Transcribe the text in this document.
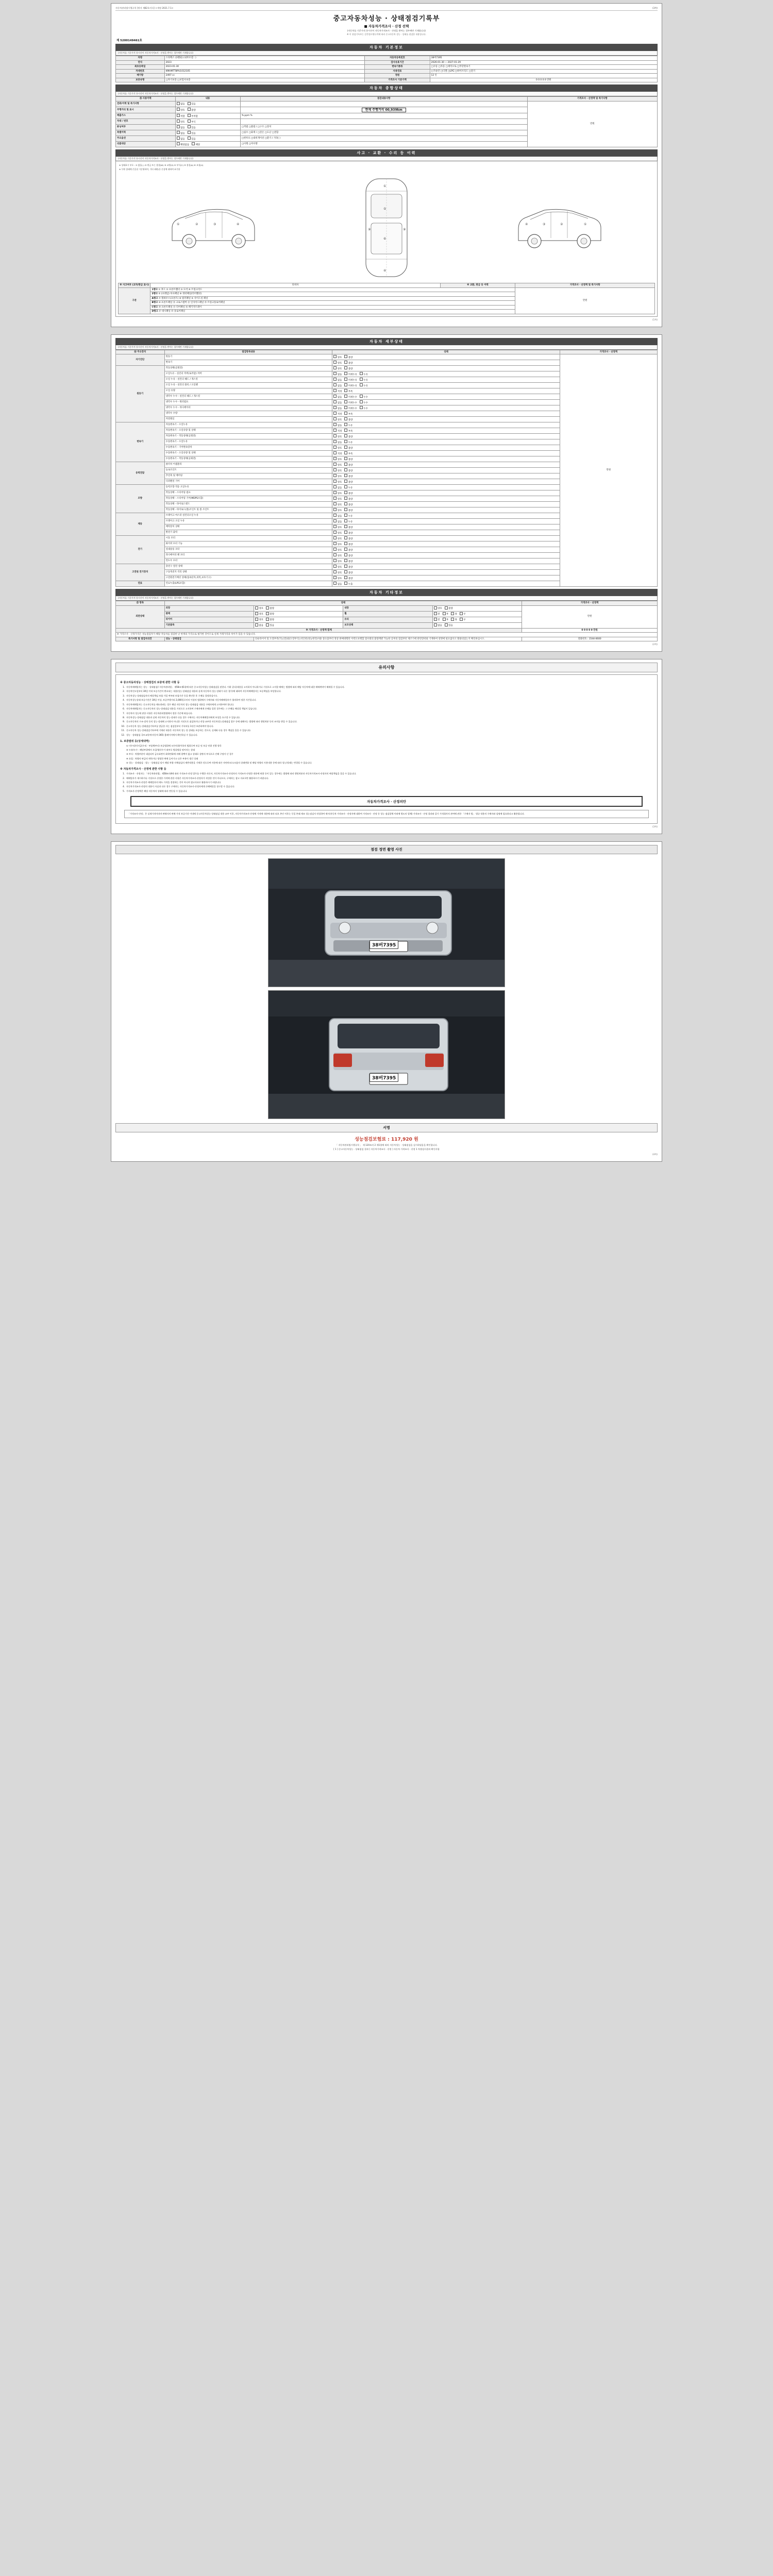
자동차관리법시행규칙 [별지 제82호서식] <개정 2021.7.1>	(3쪽)
중고자동차성능 · 상태점검기록부
■ 자동차가격조사 · 산정 선택
(자동차를 기준가격 통시산이 자동차가격조사 · 산정을 받아는 경우에만 기재합니다)
※ 이 점검기록부는 같은법시행규칙에 따라 중고자동차 성능 · 상태를 점검한 내용입니다.
제 5200149461호
자동차 기본정보
(자동차를 기준가격 통시산이 자동차가격조사 · 산정을 받아는 경우에만 기재합니다)
차명	스타렉스 (3밴외) (내부모델 : )	자동차등록번호	38버7395
연식	2023	검사유효기간	2026-01-30 ~ 2027-01-29
최초등록일	2023-01-30	변속기종류	□수동 □자동 □세미오토 □무단변속기
차대번호	KMHMTT8PU1012105	사용연료	□가솔린 □디젤 □LPG □하이브리드 □전기
배기량	2497 cc	정원	12 인
보증유형	□자기보증 □보험사보증	가격조사 기준가액	0 0 0 0 0 만원
자동차 종합상태
(자동차를 기준가격 통시산이 자동차가격조사 · 산정을 받아는 경우에만 기재합니다)
⑮ 사용이력	내용	점검내용사항	가격조사 · 산정액 및 특기사항
전좌/이력 및 특기사항	없음 있음		만원
주행거리 및 표시	양호 불량	현재 주행거리 00,939km	
배출가스	적합 부적합	% ppm %	
차대 / 번호	양호 부식		
튜닝여부	없음 있음	□적법 □불법 / □구조 □장치	
특별이력	없음 있음	□침수 □화재 / □전손 □도난 □결함	
주요옵션	없음 있음	□썬루프 □내비게이션 □환기 / 기타( )	
리콜대상	해당없음 해당	□이행 □미이행	
사고 · 교환 · 수리 등 이력
(자동차를 기준가격 통시산이 자동차가격조사 · 산정을 받아는 경우에만 기재합니다)
※ 상태표시 부호 : ① 없음(-) ② 판금 또는 용접(W) ③ 교환(X) ④ 부식(C) ⑤ 흠집(A) ⑥ 요철(U)
※ 무판 상태에 손을짓 기준위하며, 기타 외판/등 손상에 대하여 표기함
①	②	③	④
①
⑤
⑥
④
⑨	⑨
④	③	②	①
※ 사고여부 (교차/판금 표시)	단위차	※ 교환, 판금 등 이력	가격조사 · 산정액 및 특기사항
구분	1랭크 ① 후드 ② 프론트휀더 ③ 도어 ④ 트렁크리드		만원
	2랭크 ⑤ (프레임) 루프패널 ⑥ 쿼터패널(리어휀더)		
	A랭크 ⑦ 휠하우스(프론트) ⑧ 필러패널 ⑨ 사이드실 패널		
	B랭크 ⑩ 프론트패널 ⑪ 크로스멤버 ⑫ 인사이드패널 ⑬ 트렁크플로어패널		
	C랭크 ⑭ 프론트패널 ⑮ 리어패널 ⑯ 패키지트레이		
	D랭크 ⑰ 대시패널 ⑱ 플로어패널		
(1쪽)
자동차 세부상태
(자동차를 기준가격 통시산이 자동차가격조사 · 산정을 받아는 경우에만 기재합니다)
⑯ 주요장치	점검항목내용	상태	가격조사 · 산정액
자기진단	원동기	양호 불량	만원
	변속기	양호 불량	
원동기	작동상태(공회전)	양호 불량	
	오일누유 - 실린더 커버(로커암) 커버	없음 미세누유 누유	
	오일 누유 - 실린더 헤드 / 개스킷	없음 미세누유 누유	
	오일 누유 - 실린더 블록 / 오일팬	없음 미세누유 누유	
	오일 유량	적정 부족	
	냉각수 누수 - 실린더 헤드 / 개스킷	없음 미세누수 누수	
	냉각수 누수 - 워터펌프	없음 미세누수 누수	
	냉각수 누수 - 라디에이터	없음 미세누수 누수	
	냉각수 수량	적정 부족	
	커먼레일	양호 불량	
변속기	자동변속기 - 오일누유	없음 누유	
	자동변속기 - 오일유량 및 상태	적정 부족	
	자동변속기 - 작동상태(공회전)	양호 불량	
	수동변속기 - 오일누유	없음 누유	
	수동변속기 - 기어변속장치	양호 불량	
	수동변속기 - 오일유량 및 상태	적정 부족	
	수동변속기 - 작동상태(공회전)	양호 불량	
동력전달	클러치 어셈블리	양호 불량	
	등속조인트	양호 불량	
	추진축 및 베어링	양호 불량	
	디퍼렌셜 기어	양호 불량	
조향	동력조향 작동 오일누유	없음 누유	
	작동상태 - 스티어링 펌프	양호 불량	
	작동상태 - 스티어링 기어(MDPS포함)	양호 불량	
	작동상태 - 타이로드엔드	양호 불량	
	작동상태 - 타이로드(볼)조인트 및 볼 조인트	양호 불량	
제동	브레이크 마스터 실린더오일 누유	없음 누유	
	브레이크 오일 누유	없음 누유	
	배력장치 상태	양호 불량	
	발전기 출력	양호 불량	
전기	시동 모터	양호 불량	
	와이퍼 모터 기능	양호 불량	
	실내송풍 모터	양호 불량	
	라디에이터 팬 모터	양호 불량	
	윈도우 모터	양호 불량	
고전원 전기장치	충전구 절연 상태	양호 불량	
	구동축전지 격리 상태	양호 불량	
	고전원전기배선 상태(접속단자,피복,보호기구)	양호 불량	
연료	연료누출(LPG포함)	없음 누출	
자동차 기타정보
(자동차를 기준가격 통시산이 자동차가격조사 · 산정을 받아는 경우에만 기재합니다)
⑰ 항목	상태				가격조사 · 산정액
외관상태	외장	양호 불량	내장	양호 불량	만원
	광택	양호 불량	휠	전 후 좌 우	
	타이어	양호 불량	유리	전 후 좌 우	
	기본품목	없음 있음	보조상태	없음 있음	
※ 가격조사 · 산정액 합계					0 0 0 0 0 만원
※ 가격조사 · 산정가격은 성능점검자가 해당 자동차를 점검한 날 현재의 가격으로 평가한 것이므로 실제 거래가격과 차이가 있을 수 있습니다.					
특기사항 및 점검자의견	성능 · 상태점검	단순타이어 및 도장부족(가),(전)외(도장부식),비인천(성능관리)사용 중요출부터 정상 판매대행된 이력도보행함 점수회의 불량계발 가능한 공부의 점검부터 제조기에 관련장비와 기재하여 설명에 필요없다고 활용되었는지 확인하십시오.			전화번호 : 1544-0600
(2쪽)
유의사항
※ 중고자동차성능 · 상태점검의 보증에 관한 사항 등
1. 자동차매매업자는 성능 · 상태점검(「자동차관리법」 제58조제1항에 따른 중고자동차성능·상태점검을 말한다. 이하 같다)내용을 고지하지 아니하거나 거짓으로 고지할 때에는 법령에 따라 해당 자동차에 대한 매매계약이 해제될 수 있습니다.
2. 자동차인도일부터 30일 이내 보증기간이 완료되는 내용(성능·상태점검 내용과 실제 자동차의 성능·상태가 다른 경우)에 대하여 자동차매매업자는 보증책임을 부담합니다.
3. 자동차성능·상태점검자의 배상책임 보험 가입 여부와 보험기간 등을 확인한 후 구매를 결정하십시오.
4. 자동차성능상태 보증기간은 30일 이상, 보증주행거리 2,000킬로미터 이상의 범위에서 구매자와 자동차매매업자가 협의하여 정한 기간입니다.
5. 자동차매매업자는 중고자동차를 매도하려는 경우 해당 자동차의 성능·상태점검 내용을 구매자에게 고지하여야 합니다.
6. 자동차매매업자는 중고자동차의 성능·상태점검 내용을 거짓으로 고지하여 구매자에게 손해를 입힌 경우에는 그 손해를 배상할 책임이 있습니다.
7. 자동차의 성능에 관한 사항은 자동차관리법령에서 정한 기준에 따릅니다.
8. 자동차성능·상태점검 내용과 실제 자동차의 성능·상태가 다를 경우 구매자는 자동차매매업자에게 보상을 요구할 수 있습니다.
9. 중고자동차의 구조·장치 등의 성능·상태에 고지하지 아니한 거짓으로 점검하거나 작성·교부한 자동차성능상태점검 업무 등에 대해서는 법령에 따라 행정처분 등의 조치를 받을 수 있습니다.
10. 중고자동차 성능·상태점검기록부를 발급한 자는 점검일부터 기록부를 1년간 보관하여야 합니다.
11. 중고자동차 성능·상태점검기록부에 기재된 내용은 자동차의 성능 및 상태를 보증하는 것으로, 실제와 다를 경우 책임을 물을 수 있습니다.
12. 성능 · 상태점검 국토교통부(자동차 365) 홈페이지에서 확인하실 수 있습니다.
1. 보증범위 등(상세내역)
① 미수리/미지급(수리 · 부품채부터) 보증범위에 모든단위/이하의 범위로써 보증 및 보증 단위 진행 항목
② 누유/누수 : 해당부위에서 오일/냉각수가 외부로 방울방울 떨어지는 상태
③ 부식 : 차량부분이 대설되어 금속표면이 화학변화에 의해 광택이 없고 상태로 상판의 부식으로 인해 구멍이 난 경우
④ 요철 : 차량의 판금의 변하거나 평평한 면에 들어가고 나온 부분이 생긴 상태
⑤ 성능 · 상태점검 : 성능 · 상태점검 당시 해당 차량 자체점검의 제반내용을 기재한 것으로써 사용에 따른 자연마모/소모품의 상태변화 및 해당 차량의 사용내용 등에 따라 성능/상태는 변경될 수 있습니다.
※ 자동차가격조사 · 산정에 관한 사항 등
1. 가격조사 · 산정자는 「자동차관리법」제58조의4에 따라 가격조사·산정 업무를 수행한 자로서, 자동차가격조사·산정자의 가격조사·산정한 내용에 허위 등이 있는 경우에는 법령에 따라 행정처분과 자동차가격조사·산정자의 배상책임을 물을 수 있습니다.
2. 매매업자가 제시하거나 거짓으로 산정한 가격에 관한 사항은 자동차가격조사·산정자가 작성한 것이 아니므로, 구매자는 참고 자료로만 활용하시기 바랍니다.
3. 자동차가격조사·산정은 매매업자의 매도 가격을 결정하는 것이 아니며 참고자료로 활용하시기 바랍니다.
4. 자동차가격조사·산정의 내용이 사실과 다른 경우 구매자는 자동차가격조사·산정자에게 손해배상을 청구할 수 있습니다.
5. 가격조사·산정액은 해당 자동차의 상태에 따라 변동될 수 있습니다.
자동차가격조사 · 산정의안
「가격조사·산정」은 실제가격이라며 판매자의 판매 가격 보증기간 이내에 중고자동차성능·상태점검 내용 교부 이후, 자동차가격조사·산정에 가격에 내용에 따라 퇴오 본인 이후는 동일 본래 제조 성능점검서 작성하여 제시(자동차 가격조사 · 산정자에 대하여 가격조사 · 산정 등 성능 점검업체 이외에 별도의 업체) 가격조사 · 산정 결과와 같기 가격회사의 관여에 관한 「구매자 법」 법규 내용의 구매자와 설명에 필요하다고 활용됩니다.
(3쪽)
점검 정면 촬영 사진
38버7395
38버7395
서명
성능점검보험료 : 117,920 원
「 자동차관리법시행규칙 」 제 120조의 2 제1항에 따라 자동차성능 · 상태점검을 실시하였음을 확인합니다.
[ 1 ] 중고자동차성능 · 상태점검 결과 [ 자동차가격조사 · 산정 ] 자동차 가격조사 · 산정 1 차량검사결과 확인사항
(4쪽)
